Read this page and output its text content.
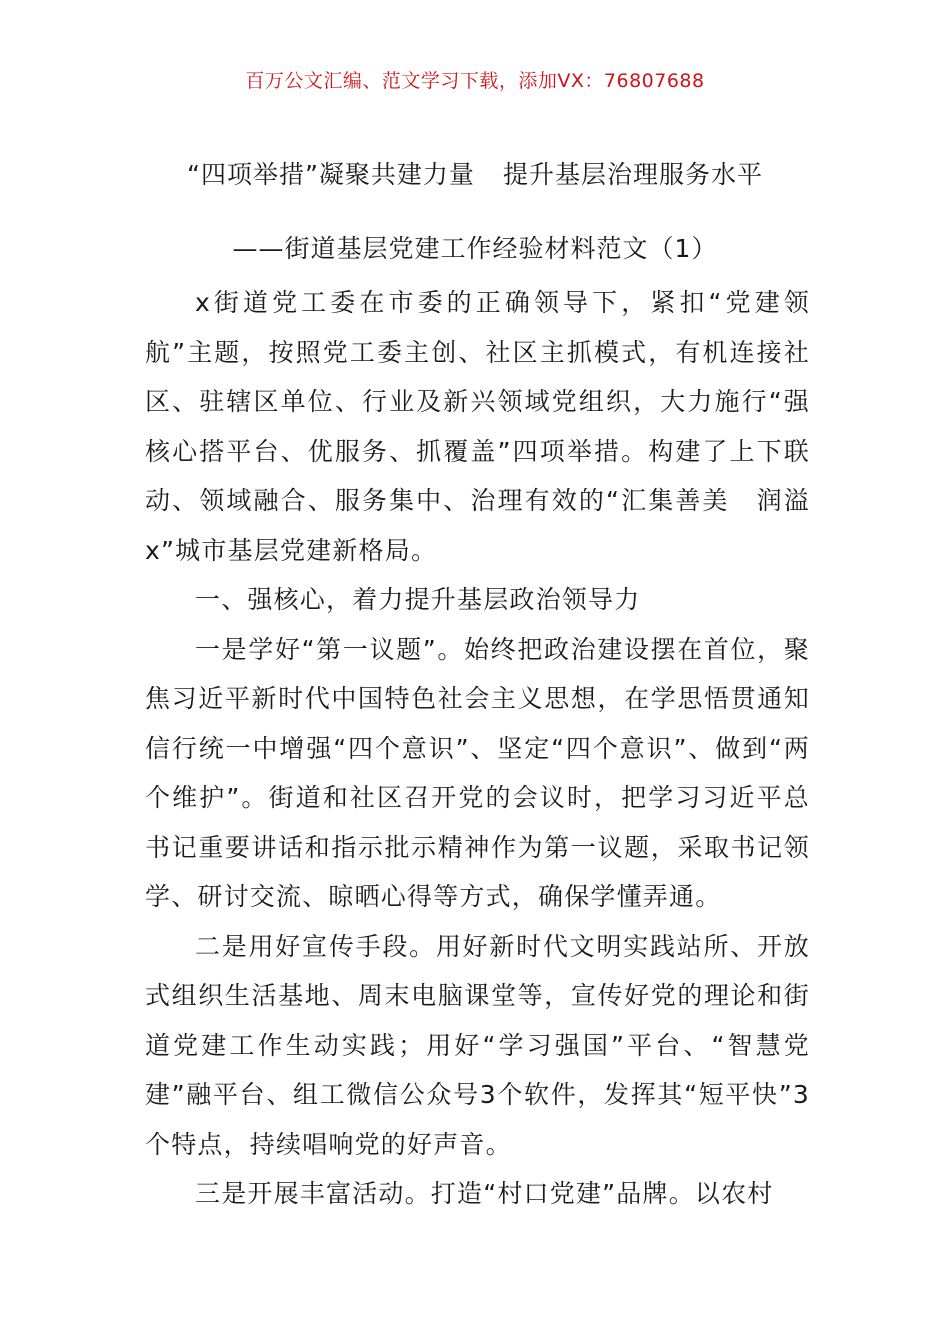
百万公文汇编、范文学习下载，添加VX：76807688
“四项举措”凝聚共建力量 提升基层治理服务水平
——街道基层党建工作经验材料范文（1）

x街道党工委在市委的正确领导下，紧扣“党建领航”主题，按照党工委主创、社区主抓模式，有机连接社区、驻辖区单位、行业及新兴领域党组织，大力施行“强核心搭平台、优服务、抓覆盖”四项举措。构建了上下联动、领域融合、服务集中、治理有效的“汇集善美　润溢x”城市基层党建新格局。

一、强核心，着力提升基层政治领导力

一是学好“第一议题”。始终把政治建设摆在首位，聚焦习近平新时代中国特色社会主义思想，在学思悟贯通知信行统一中增强“四个意识”、坚定“四个意识”、做到“两个维护”。街道和社区召开党的会议时，把学习习近平总书记重要讲话和指示批示精神作为第一议题，采取书记领学、研讨交流、晾晒心得等方式，确保学懂弄通。

二是用好宣传手段。用好新时代文明实践站所、开放式组织生活基地、周末电脑课堂等，宣传好党的理论和街道党建工作生动实践；用好“学习强国”平台、“智慧党建”融平台、组工微信公众号3个软件，发挥其“短平快”3个特点，持续唱响党的好声音。

三是开展丰富活动。打造“村口党建”品牌。以农村
